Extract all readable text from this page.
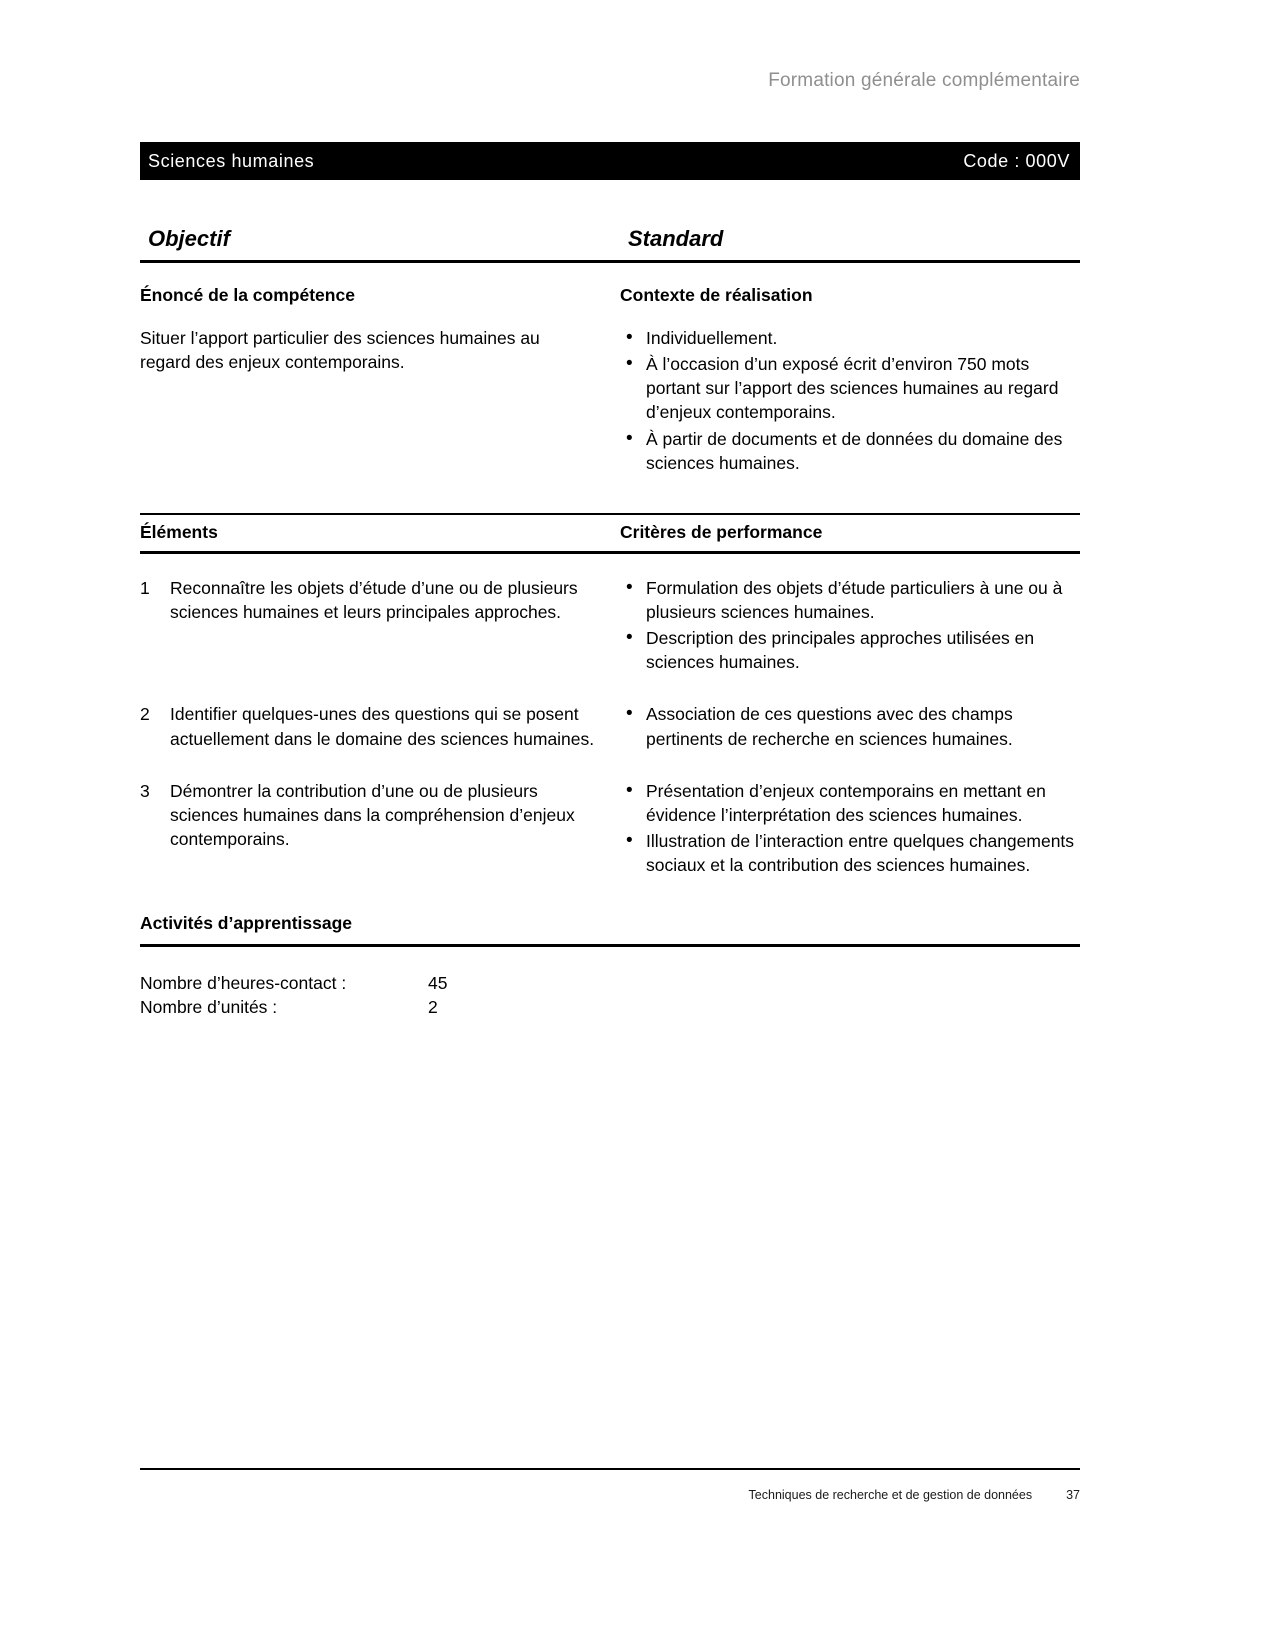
Formation générale complémentaire
Sciences humaines	Code : 000V
Objectif	Standard
Énoncé de la compétence
Situer l’apport particulier des sciences humaines au regard des enjeux contemporains.
Contexte de réalisation
• Individuellement.
• À l’occasion d’un exposé écrit d’environ 750 mots portant sur l’apport des sciences humaines au regard d’enjeux contemporains.
• À partir de documents et de données du domaine des sciences humaines.
Éléments	Critères de performance
1	Reconnaître les objets d’étude d’une ou de plusieurs sciences humaines et leurs principales approches.
• Formulation des objets d’étude particuliers à une ou à plusieurs sciences humaines.
• Description des principales approches utilisées en sciences humaines.
2	Identifier quelques-unes des questions qui se posent actuellement dans le domaine des sciences humaines.
• Association de ces questions avec des champs pertinents de recherche en sciences humaines.
3	Démontrer la contribution d’une ou de plusieurs sciences humaines dans la compréhension d’enjeux contemporains.
• Présentation d’enjeux contemporains en mettant en évidence l’interprétation des sciences humaines.
• Illustration de l’interaction entre quelques changements sociaux et la contribution des sciences humaines.
Activités d’apprentissage
Nombre d’heures-contact :	45
Nombre d’unités :	2
Techniques de recherche et de gestion de données	37
